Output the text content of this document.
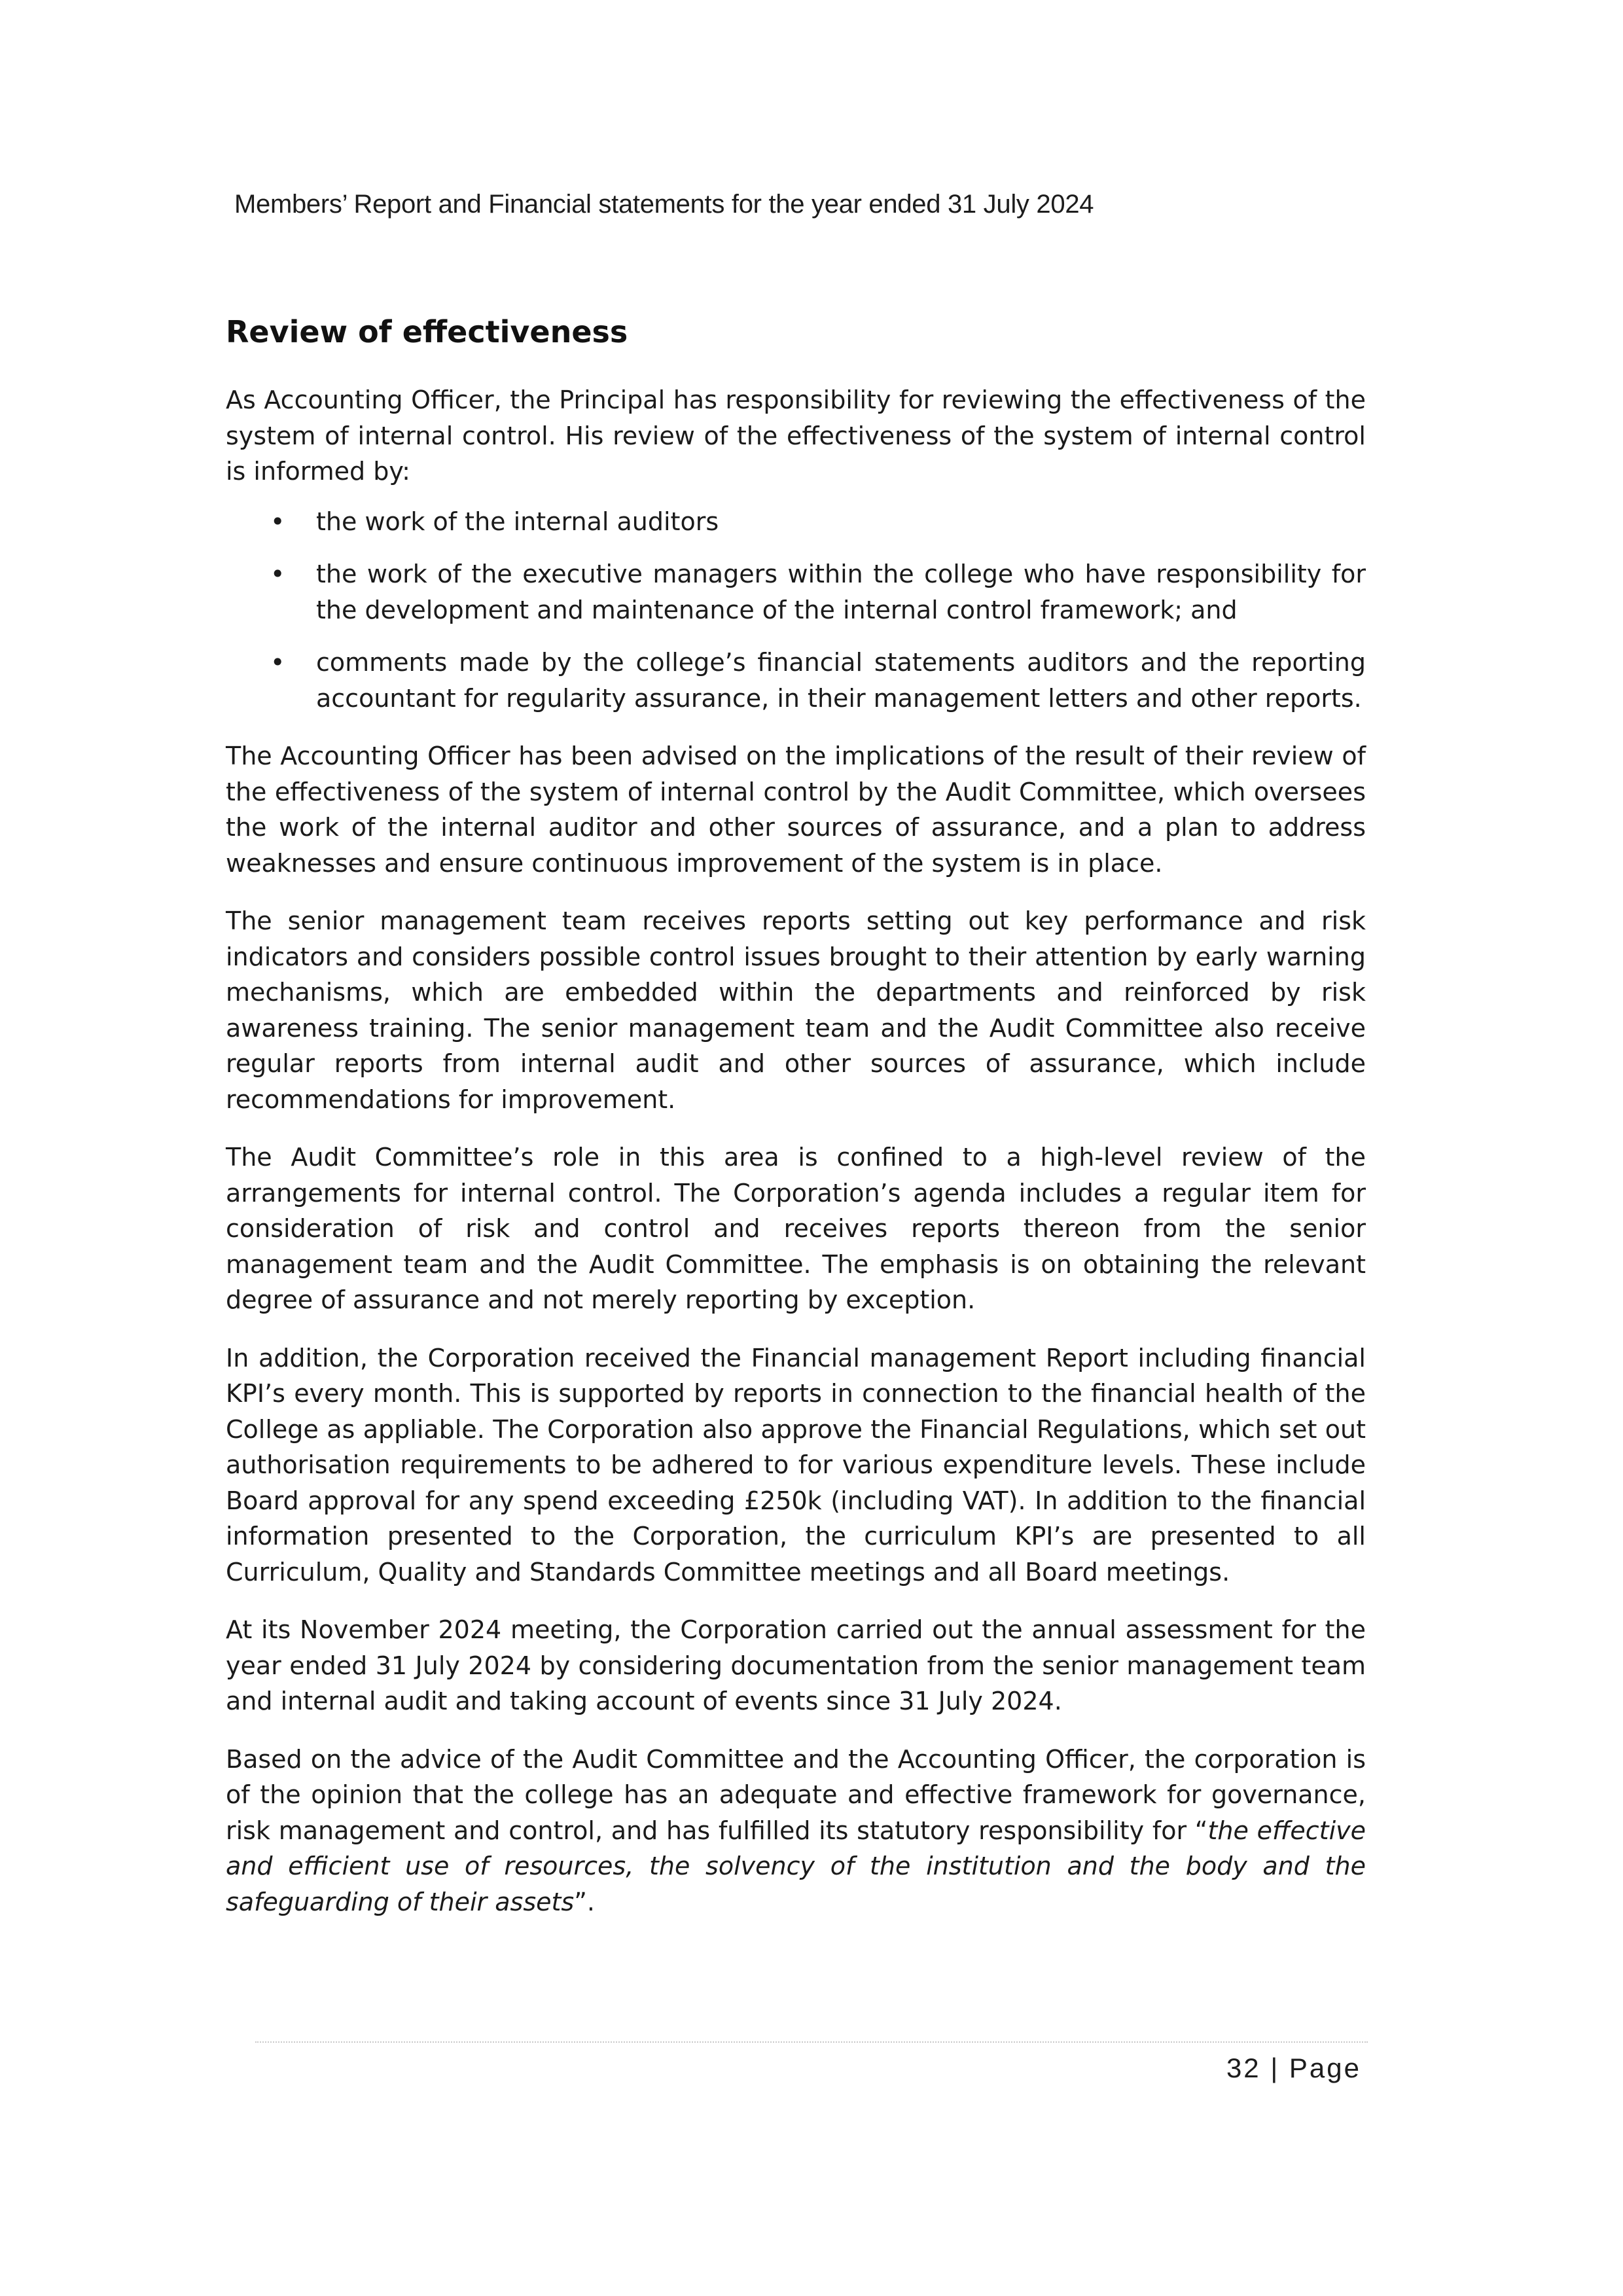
Members’ Report and Financial statements for the year ended 31 July 2024
Review of effectiveness

As Accounting Officer, the Principal has responsibility for reviewing the effectiveness of the system of internal control. His review of the effectiveness of the system of internal control is informed by:

• the work of the internal auditors
• the work of the executive managers within the college who have responsibility for the development and maintenance of the internal control framework; and
• comments made by the college’s financial statements auditors and the reporting accountant for regularity assurance, in their management letters and other reports.

The Accounting Officer has been advised on the implications of the result of their review of the effectiveness of the system of internal control by the Audit Committee, which oversees the work of the internal auditor and other sources of assurance, and a plan to address weaknesses and ensure continuous improvement of the system is in place.

The senior management team receives reports setting out key performance and risk indicators and considers possible control issues brought to their attention by early warning mechanisms, which are embedded within the departments and reinforced by risk awareness training. The senior management team and the Audit Committee also receive regular reports from internal audit and other sources of assurance, which include recommendations for improvement.

The Audit Committee’s role in this area is confined to a high-level review of the arrangements for internal control. The Corporation’s agenda includes a regular item for consideration of risk and control and receives reports thereon from the senior management team and the Audit Committee. The emphasis is on obtaining the relevant degree of assurance and not merely reporting by exception.

In addition, the Corporation received the Financial management Report including financial KPI’s every month. This is supported by reports in connection to the financial health of the College as appliable. The Corporation also approve the Financial Regulations, which set out authorisation requirements to be adhered to for various expenditure levels. These include Board approval for any spend exceeding £250k (including VAT). In addition to the financial information presented to the Corporation, the curriculum KPI’s are presented to all Curriculum, Quality and Standards Committee meetings and all Board meetings.

At its November 2024 meeting, the Corporation carried out the annual assessment for the year ended 31 July 2024 by considering documentation from the senior management team and internal audit and taking account of events since 31 July 2024.

Based on the advice of the Audit Committee and the Accounting Officer, the corporation is of the opinion that the college has an adequate and effective framework for governance, risk management and control, and has fulfilled its statutory responsibility for “the effective and efficient use of resources, the solvency of the institution and the body and the safeguarding of their assets”.

32 | Page
